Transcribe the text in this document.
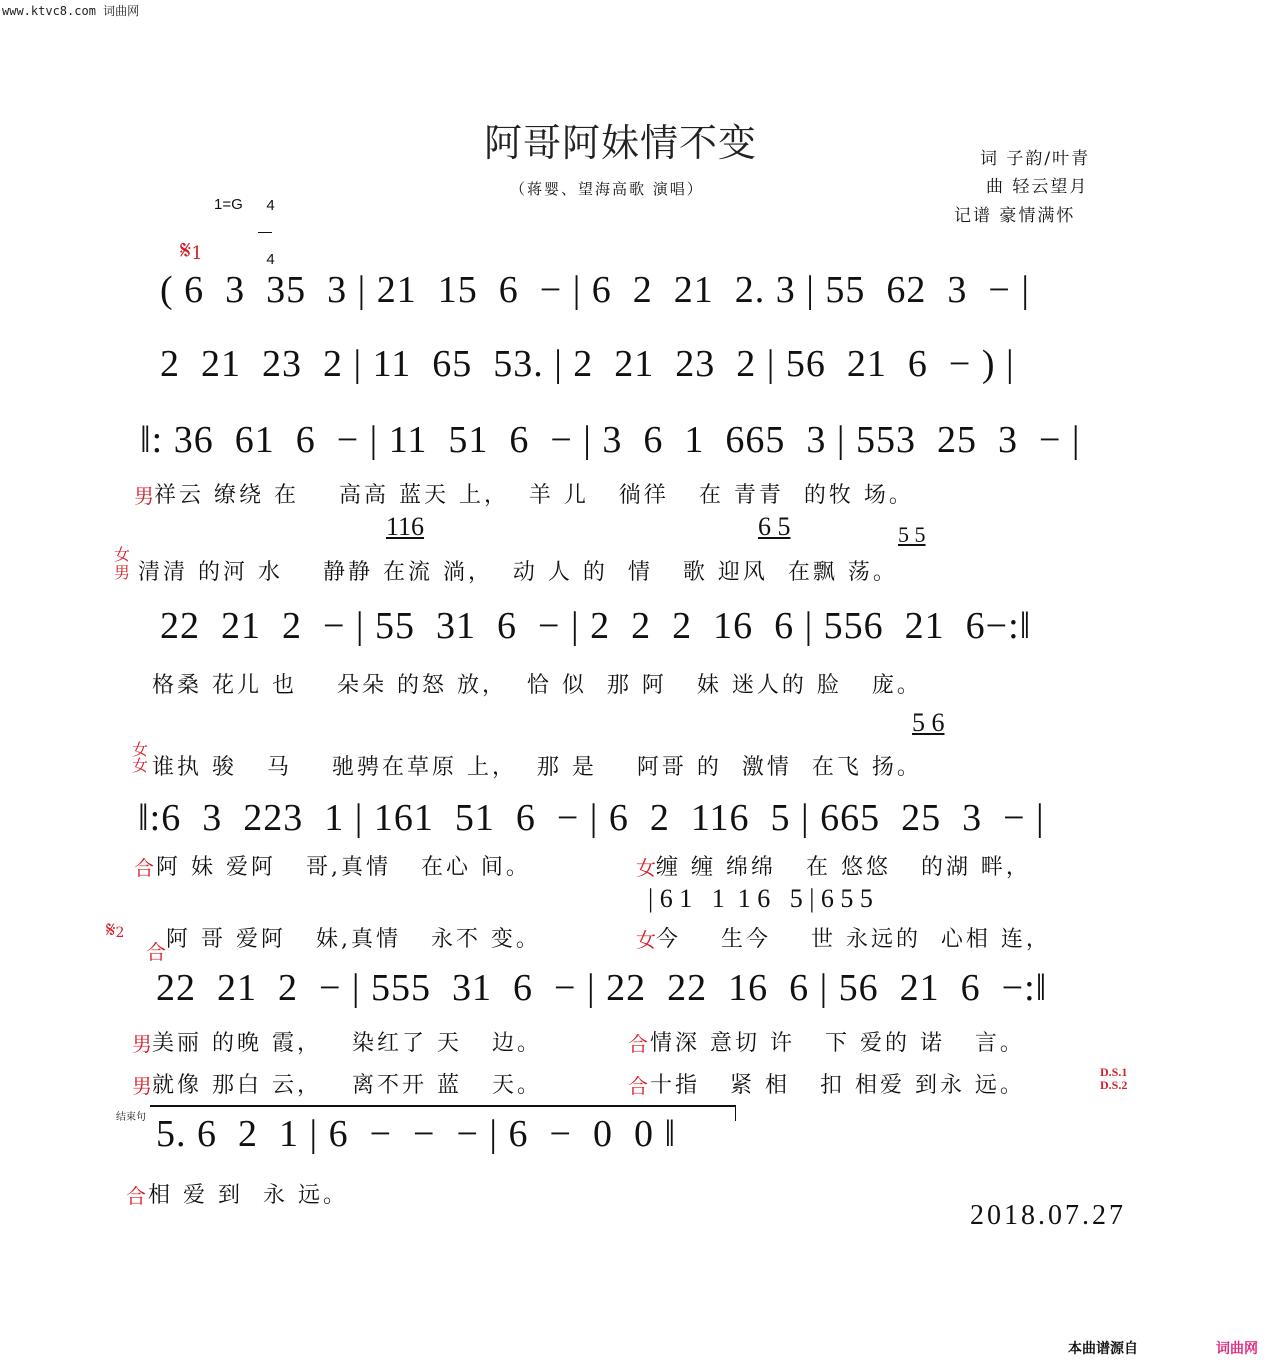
www.ktvc8.com 词曲网
阿哥阿妹情不变
（蒋婴、望海高歌 演唱）
词 子韵/叶青
曲 轻云望月
记谱 豪情满怀
1=G	4

4

𝄋1
( 6  3  35  3 | 21  15  6  − | 6  2  21  2. 3 | 55  62  3  − |
2  21  23  2 | 11  65  53. | 2  21  23  2 | 56  21  6  − ) |
‖: 36  61  6  − | 11  51  6  − | 3  6  1  665  3 | 553  25  3  − |
男 祥云 缭绕 在    高高 蓝天 上，  羊 儿   徜徉   在 青青  的牧 场。
116	6 5	5 5
女男 清清 的河 水    静静 在流 淌，  动 人 的  情   歌 迎风  在飘 荡。
22  21  2  − | 55  31  6  − | 2  2  2  16  6 | 556  21  6−:‖
格桑 花儿 也    朵朵 的怒 放，  恰 似  那 阿   妹 迷人的 脸   庞。
5 6
女女 谁执 骏   马    驰骋在草原 上，  那 是    阿哥 的  激情  在飞 扬。
‖:6  3  223  1 | 161  51  6  − | 6  2  116  5 | 665  25  3  − |
合 阿 妹 爱阿   哥,真情   在心 间。	女 缠 缠 绵绵   在 悠悠   的湖 畔，
| 6 1   1  1 6   5 | 6 5 5
𝄋2
合 阿 哥 爱阿   妹,真情   永不 变。	女 今    生今    世 永远的  心相 连，
22  21  2  − | 555  31  6  − | 22  22  16  6 | 56  21  6  −:‖
男 美丽 的晚 霞，   染红了 天   边。	合 情深 意切 许   下 爱的 诺   言。
男 就像 那白 云，   离不开 蓝   天。	合 十指   紧 相   扣 相爱 到永 远。
D.S.1
D.S.2
结束句 5. 6  2  1 | 6  −  −  − | 6  −  0  0 ‖
合 相 爱 到  永 远。
2018.07.27
本曲谱源自	词曲网
